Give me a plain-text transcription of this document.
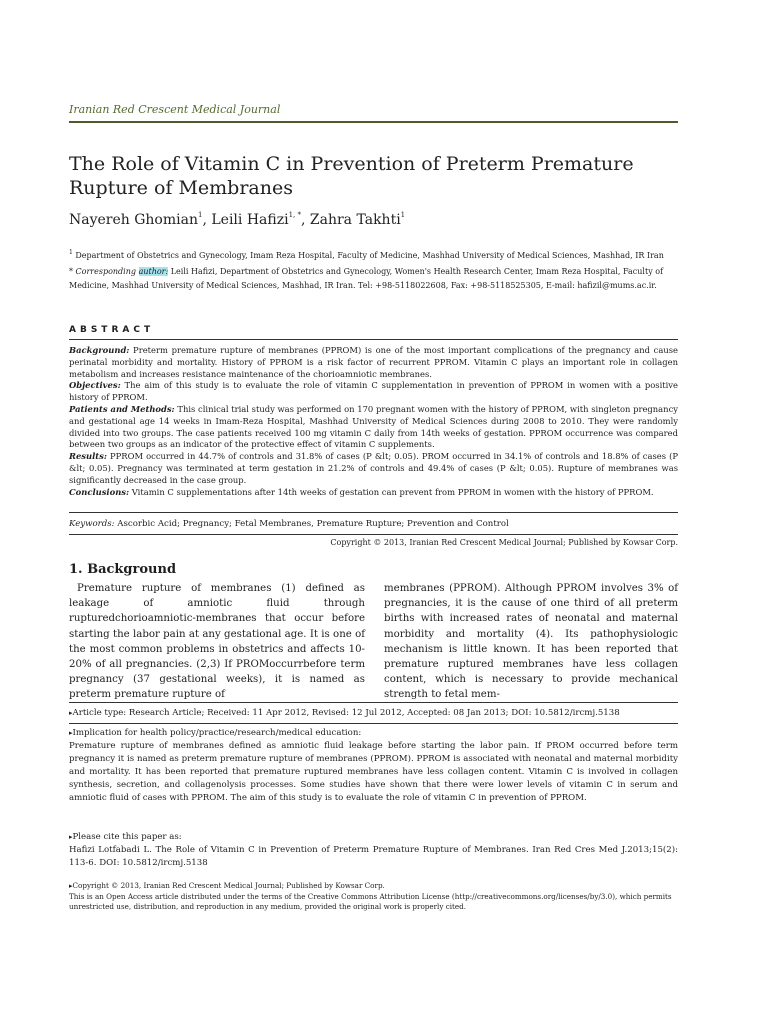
Iranian Red Crescent Medical Journal
The Role of Vitamin C in Prevention of Preterm Premature Rupture of Membranes
Nayereh Ghomian$^1$, Leili Hafizi$^{1, *}$, Zahra Takhti$^1$
$^1$ Department of Obstetrics and Gynecology, Imam Reza Hospital, Faculty of Medicine, Mashhad University of Medical Sciences, Mashhad, IR Iran
* Corresponding author: Leili Hafizi, Department of Obstetrics and Gynecology, Women's Health Research Center, Imam Reza Hospital, Faculty of Medicine, Mashhad University of Medical Sciences, Mashhad, IR Iran. Tel: +98-5118022608, Fax: +98-5118525305, E-mail: hafizil@mums.ac.ir.
ABSTRACT

Background: Preterm premature rupture of membranes (PPROM) is one of the most important complications of the pregnancy and cause perinatal morbidity and mortality. History of PPROM is a risk factor of recurrent PPROM. Vitamin C plays an important role in collagen metabolism and increases resistance maintenance of the chorioamniotic membranes.

Objectives: The aim of this study is to evaluate the role of vitamin C supplementation in prevention of PPROM in women with a positive history of PPROM.

Patients and Methods: This clinical trial study was performed on 170 pregnant women with the history of PPROM, with singleton pregnancy and gestational age 14 weeks in Imam-Reza Hospital, Mashhad University of Medical Sciences during 2008 to 2010. They were randomly divided into two groups. The case patients received 100 mg vitamin C daily from 14th weeks of gestation. PPROM occurrence was compared between two groups as an indicator of the protective effect of vitamin C supplements.

Results: PPROM occurred in 44.7% of controls and 31.8% of cases (P &lt; 0.05). PROM occurred in 34.1% of controls and 18.8% of cases (P &lt; 0.05). Pregnancy was terminated at term gestation in 21.2% of controls and 49.4% of cases (P &lt; 0.05). Rupture of membranes was significantly decreased in the case group.

Conclusions: Vitamin C supplementations after 14th weeks of gestation can prevent from PPROM in women with the history of PPROM.

Keywords: Ascorbic Acid; Pregnancy; Fetal Membranes, Premature Rupture; Prevention and Control
Copyright © 2013, Iranian Red Crescent Medical Journal; Published by Kowsar Corp.
1. Background

Premature rupture of membranes (1) defined as leakage of amniotic fluid through rupturedchorioamniotic-membranes that occur before starting the labor pain at any gestational age. It is one of the most common problems in obstetrics and affects 10-20% of all pregnancies. (2,3) If PROMoccurrbefore term pregnancy (37 gestational weeks), it is named as preterm premature rupture of

membranes (PPROM). Although PPROM involves 3% of pregnancies, it is the cause of one third of all preterm births with increased rates of neonatal and maternal morbidity and mortality (4). Its pathophysiologic mechanism is little known. It has been reported that premature ruptured membranes have less collagen content, which is necessary to provide mechanical strength to fetal mem-

▸Article type: Research Article; Received: 11 Apr 2012, Revised: 12 Jul 2012, Accepted: 08 Jan 2013; DOI: 10.5812/ircmj.5138

▸Implication for health policy/practice/research/medical education:

Premature rupture of membranes defined as amniotic fluid leakage before starting the labor pain. If PROM occurred before term pregnancy it is named as preterm premature rupture of membranes (PPROM). PPROM is associated with neonatal and maternal morbidity and mortality. It has been reported that premature ruptured membranes have less collagen content. Vitamin C is involved in collagen synthesis, secretion, and collagenolysis processes. Some studies have shown that there were lower levels of vitamin C in serum and amniotic fluid of cases with PPROM. The aim of this study is to evaluate the role of vitamin C in prevention of PPROM.

▸Please cite this paper as:

Hafizi Lotfabadi L. The Role of Vitamin C in Prevention of Preterm Premature Rupture of Membranes. Iran Red Cres Med J.2013;15(2): 113-6. DOI: 10.5812/ircmj.5138

▸Copyright © 2013, Iranian Red Crescent Medical Journal; Published by Kowsar Corp.

This is an Open Access article distributed under the terms of the Creative Commons Attribution License (http://creativecommons.org/licenses/by/3.0), which permits unrestricted use, distribution, and reproduction in any medium, provided the original work is properly cited.
